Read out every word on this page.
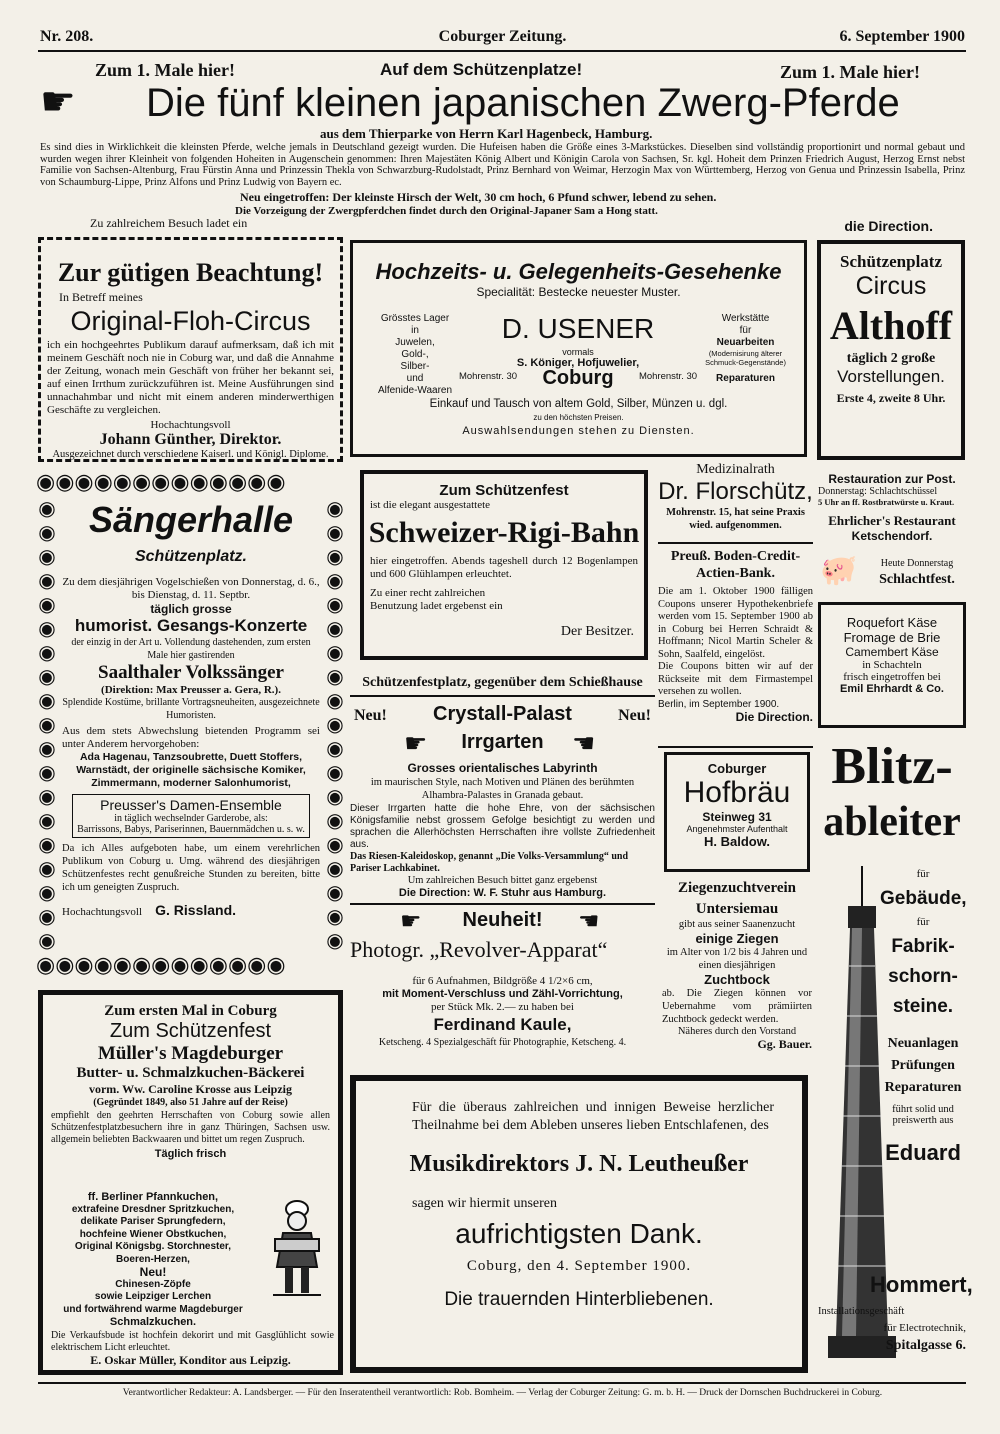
Nr. 208.	Coburger Zeitung.	6. September 1900
Zum 1. Male hier!	Auf dem Schützenplatze!	Zum 1. Male hier!
☛ Die fünf kleinen japanischen Zwerg-Pferde
aus dem Thierparke von Herrn Karl Hagenbeck, Hamburg.

Es sind dies in Wirklichkeit die kleinsten Pferde, welche jemals in Deutschland gezeigt wurden. Die Hufeisen haben die Größe eines 3-Markstückes. Dieselben sind vollständig proportionirt und normal gebaut und wurden wegen ihrer Kleinheit von folgenden Hoheiten in Augenschein genommen: Ihren Majestäten König Albert und Königin Carola von Sachsen, Sr. kgl. Hoheit dem Prinzen Friedrich August, Herzog Ernst nebst Familie von Sachsen-Altenburg, Frau Fürstin Anna und Prinzessin Thekla von Schwarzburg-Rudolstadt, Prinz Bernhard von Weimar, Herzogin Max von Württemberg, Herzog von Genua und Prinzessin Isabella, Prinz von Schaumburg-Lippe, Prinz Alfons und Prinz Ludwig von Bayern ec.

Neu eingetroffen: Der kleinste Hirsch der Welt, 30 cm hoch, 6 Pfund schwer, lebend zu sehen.
Die Vorzeigung der Zwergpferdchen findet durch den Original-Japaner Sam a Hong statt.
Zu zahlreichem Besuch ladet ein	die Direction.
Zur gütigen Beachtung!
In Betreff meines
Original-Floh-Circus

ich ein hochgeehrtes Publikum darauf aufmerksam, daß ich mit meinem Geschäft noch nie in Coburg war, und daß die Annahme der Zeitung, wonach mein Geschäft von früher her bekannt sei, auf einen Irrthum zurückzuführen ist. Meine Ausführungen sind unnachahmbar und nicht mit einem anderen minderwerthigen Geschäfte zu vergleichen.

Hochachtungsvoll
Johann Günther, Direktor.
Ausgezeichnet durch verschiedene Kaiserl. und Königl. Diplome.
Hochzeits- u. Gelegenheits-Gesehenke
Specialität: Bestecke neuester Muster.
Grösstes Lager
in
Juwelen,
Gold-,
Silber-
und
Alfenide-Waaren
D. USENER
vormals
S. Königer, Hofjuwelier,
Mohrenstr. 30	Coburg	Mohrenstr. 30
Werkstätte
für
Neuarbeiten
(Modernisirung älterer Schmuck-Gegenstände)
Reparaturen
Einkauf und Tausch von altem Gold, Silber, Münzen u. dgl.
zu den höchsten Preisen.
Auswahlsendungen stehen zu Diensten.
Schützenplatz
Circus
Althoff
täglich 2 große
Vorstellungen.
Erste 4, zweite 8 Uhr.
◉◉◉◉◉◉◉◉◉◉◉◉◉
◉◉◉◉◉◉◉◉◉◉◉◉◉
◉ ◉ ◉ ◉ ◉ ◉ ◉ ◉ ◉ ◉ ◉ ◉ ◉ ◉ ◉ ◉ ◉ ◉ ◉
◉ ◉ ◉ ◉ ◉ ◉ ◉ ◉ ◉ ◉ ◉ ◉ ◉ ◉ ◉ ◉ ◉ ◉ ◉
Sängerhalle
Schützenplatz.

Zu dem diesjährigen Vogelschießen von Donnerstag, d. 6., bis Dienstag, d. 11. Septbr.

täglich grosse
humorist. Gesangs-Konzerte

der einzig in der Art u. Vollendung dastehenden, zum ersten Male hier gastirenden

Saalthaler Volkssänger
(Direktion: Max Preusser a. Gera, R.).

Splendide Kostüme, brillante Vortragsneuheiten, ausgezeichnete Humoristen.

Aus dem stets Abwechslung bietenden Programm sei unter Anderem hervorgehoben:

Ada Hagenau, Tanzsoubrette, Duett Stoffers, Warnstädt, der originelle sächsische Komiker, Zimmermann, moderner Salonhumorist,

Preusser's Damen-Ensemble
in täglich wechselnder Garderobe, als:
Barrissons, Babys, Pariserinnen, Bauernmädchen u. s. w.

Da ich Alles aufgeboten habe, um einem verehrlichen Publikum von Coburg u. Umg. während des diesjährigen Schützenfestes recht genußreiche Stunden zu bereiten, bitte ich um geneigten Zuspruch.

Hochachtungsvoll G. Rissland.
Zum Schützenfest
ist die elegant ausgestattete
Schweizer-Rigi-Bahn

hier eingetroffen. Abends tageshell durch 12 Bogenlampen und 600 Glühlampen erleuchtet.

Zu einer recht zahlreichen Benutzung ladet ergebenst ein

Der Besitzer.
Medizinalrath
Dr. Florschütz,

Mohrenstr. 15, hat seine Praxis wied. aufgenommen.

Preuß. Boden-Credit-Actien-Bank.

Die am 1. Oktober 1900 fälligen Coupons unserer Hypothekenbriefe werden vom 15. September 1900 ab in Coburg bei Herren Schraidt & Hoffmann; Nicol Martin Scheler & Sohn, Saalfeld, eingelöst.

Die Coupons bitten wir auf der Rückseite mit dem Firmastempel versehen zu wollen.

Berlin, im September 1900.
Die Direction.
Restauration zur Post.
Donnerstag: Schlachtschüssel
5 Uhr an ff. Rostbratwürste u. Kraut.
Ehrlicher's Restaurant
Ketschendorf.
🐖	Heute Donnerstag
Schlachtfest.
Roquefort Käse
Fromage de Brie
Camembert Käse
in Schachteln
frisch eingetroffen bei
Emil Ehrhardt & Co.
Blitz-
ableiter
für
Gebäude,
für
Fabrik-
schorn-
steine.
Neuanlagen
Prüfungen
Reparaturen
führt solid und
preiswerth aus
Eduard
Hommert,
Installationsgeschäft
für Electrotechnik,
Spitalgasse 6.
Schützenfestplatz, gegenüber dem Schießhause
Neu!	Crystall-Palast	Neu!
☛	Irrgarten	☚
Grosses orientalisches Labyrinth

im maurischen Style, nach Motiven und Plänen des berühmten Alhambra-Palastes in Granada gebaut.

Dieser Irrgarten hatte die hohe Ehre, von der sächsischen Königsfamilie nebst grossem Gefolge besichtigt zu werden und sprachen die Allerhöchsten Herrschaften ihre vollste Zufriedenheit aus.

Das Riesen-Kaleidoskop, genannt „Die Volks-Versammlung“ und Pariser Lachkabinet.

Um zahlreichen Besuch bittet ganz ergebenst
Die Direction: W. F. Stuhr aus Hamburg.
Coburger
Hofbräu
Steinweg 31
Angenehmster Aufenthalt
H. Baldow.
Ziegenzuchtverein
Untersiemau

gibt aus seiner Saanenzucht

einige Ziegen

im Alter von 1/2 bis 4 Jahren und einen diesjährigen

Zuchtbock

ab. Die Ziegen können vor Uebernahme vom prämiirten Zuchtbock gedeckt werden.

Näheres durch den Vorstand
Gg. Bauer.
☛	Neuheit!	☚
Photogr. „Revolver-Apparat“
für 6 Aufnahmen, Bildgröße 4 1/2×6 cm,
mit Moment-Verschluss und Zähl-Vorrichtung,
per Stück Mk. 2.— zu haben bei
Ferdinand Kaule,
Ketscheng. 4 Spezialgeschäft für Photographie, Ketscheng. 4.
Zum ersten Mal in Coburg
Zum Schützenfest
Müller's Magdeburger
Butter- u. Schmalzkuchen-Bäckerei
vorm. Ww. Caroline Krosse aus Leipzig
(Gegründet 1849, also 51 Jahre auf der Reise)

empfiehlt den geehrten Herrschaften von Coburg sowie allen Schützenfestplatzbesuchern ihre in ganz Thüringen, Sachsen usw. allgemein beliebten Backwaaren und bittet um regen Zuspruch.

Täglich frisch
ff. Berliner Pfannkuchen,
extrafeine Dresdner Spritzkuchen,
delikate Pariser Sprungfedern,
hochfeine Wiener Obstkuchen,
Original Königsbg. Storchnester,
Boeren-Herzen,
Neu!
Chinesen-Zöpfe
sowie Leipziger Lerchen
und fortwährend warme Magdeburger
Schmalzkuchen.

Die Verkaufsbude ist hochfein dekorirt und mit Gasglühlicht sowie elektrischem Licht erleuchtet.

E. Oskar Müller, Konditor aus Leipzig.

Für die überaus zahlreichen und innigen Beweise herzlicher Theilnahme bei dem Ableben unseres lieben Entschlafenen, des

Musikdirektors J. N. Leutheußer
sagen wir hiermit unseren
aufrichtigsten Dank.
Coburg, den 4. September 1900.
Die trauernden Hinterbliebenen.
Verantwortlicher Redakteur: A. Landsberger. — Für den Inseratentheil verantwortlich: Rob. Bomheim. — Verlag der Coburger Zeitung: G. m. b. H. — Druck der Dornschen Buchdruckerei in Coburg.
